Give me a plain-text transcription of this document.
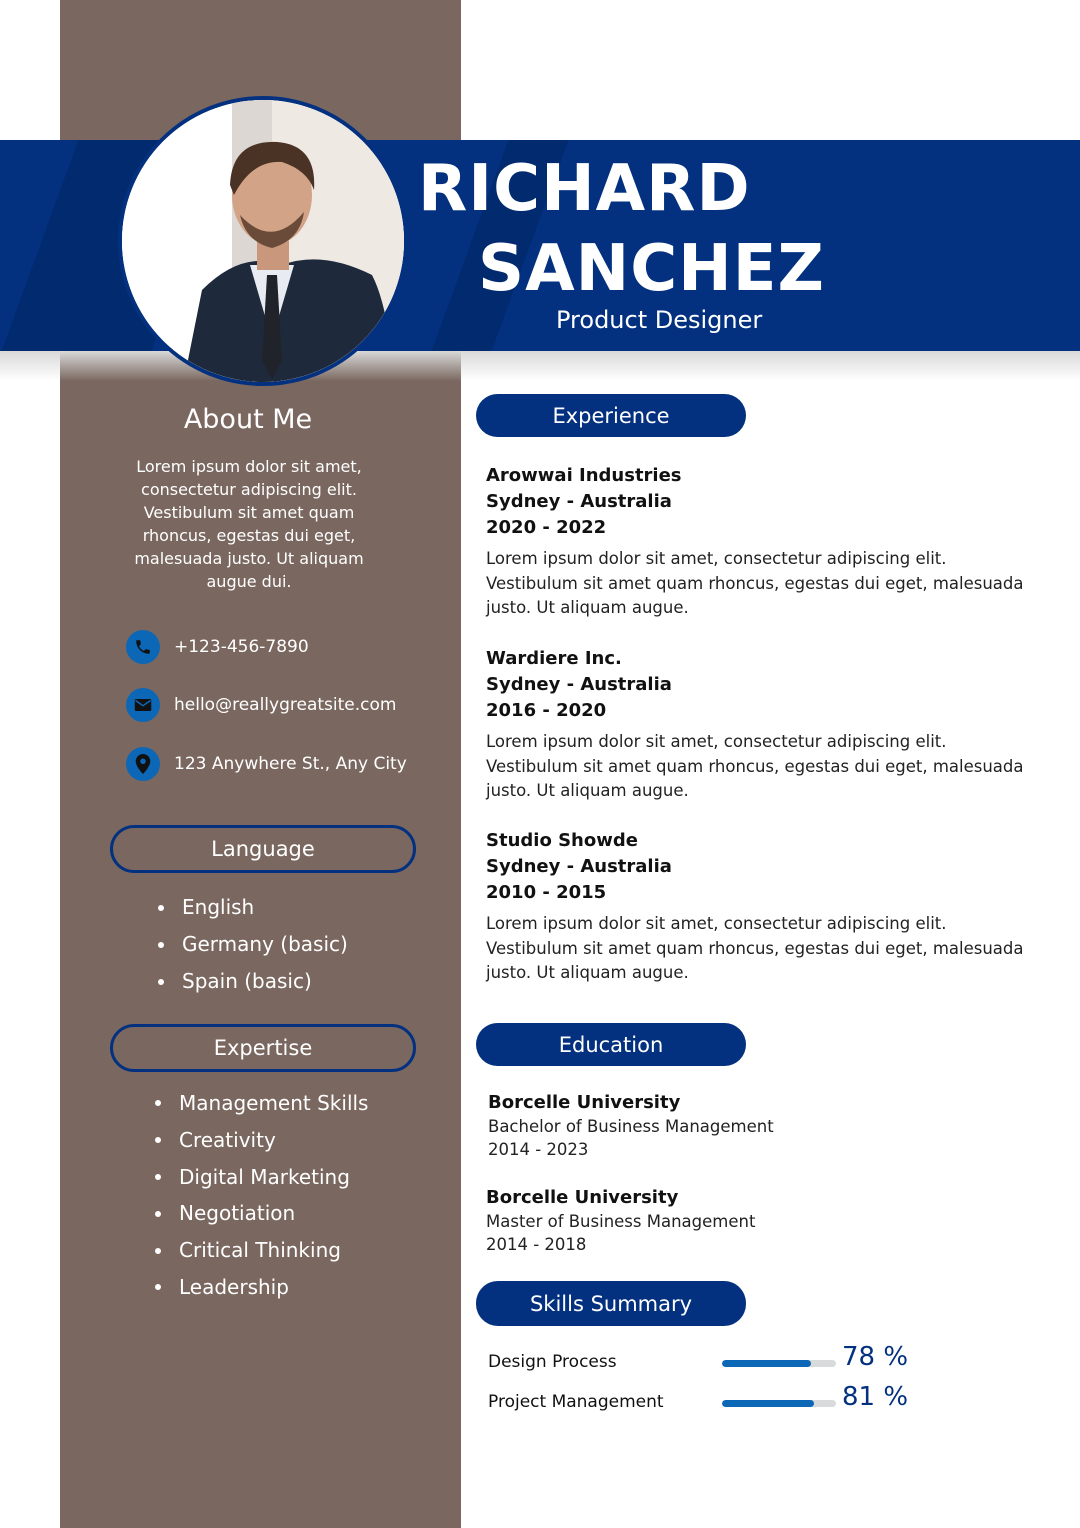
RICHARD
SANCHEZ
Product Designer
About Me
Lorem ipsum dolor sit amet, consectetur adipiscing elit. Vestibulum sit amet quam rhoncus, egestas dui eget, malesuada justo. Ut aliquam augue dui.
+123-456-7890
hello@reallygreatsite.com
123 Anywhere St., Any City
Language
English
Germany (basic)
Spain (basic)
Expertise
Management Skills
Creativity
Digital Marketing
Negotiation
Critical Thinking
Leadership
Experience
Arowwai Industries
Sydney - Australia
2020 - 2022
Lorem ipsum dolor sit amet, consectetur adipiscing elit. Vestibulum sit amet quam rhoncus, egestas dui eget, malesuada justo. Ut aliquam augue.
Wardiere Inc.
Sydney - Australia
2016 - 2020
Lorem ipsum dolor sit amet, consectetur adipiscing elit. Vestibulum sit amet quam rhoncus, egestas dui eget, malesuada justo. Ut aliquam augue.
Studio Showde
Sydney - Australia
2010 - 2015
Lorem ipsum dolor sit amet, consectetur adipiscing elit. Vestibulum sit amet quam rhoncus, egestas dui eget, malesuada justo. Ut aliquam augue.
Education
Borcelle University
Bachelor of Business Management
2014 - 2023
Borcelle University
Master of Business Management
2014 - 2018
Skills Summary
Design Process	78 %
Project Management	81 %
